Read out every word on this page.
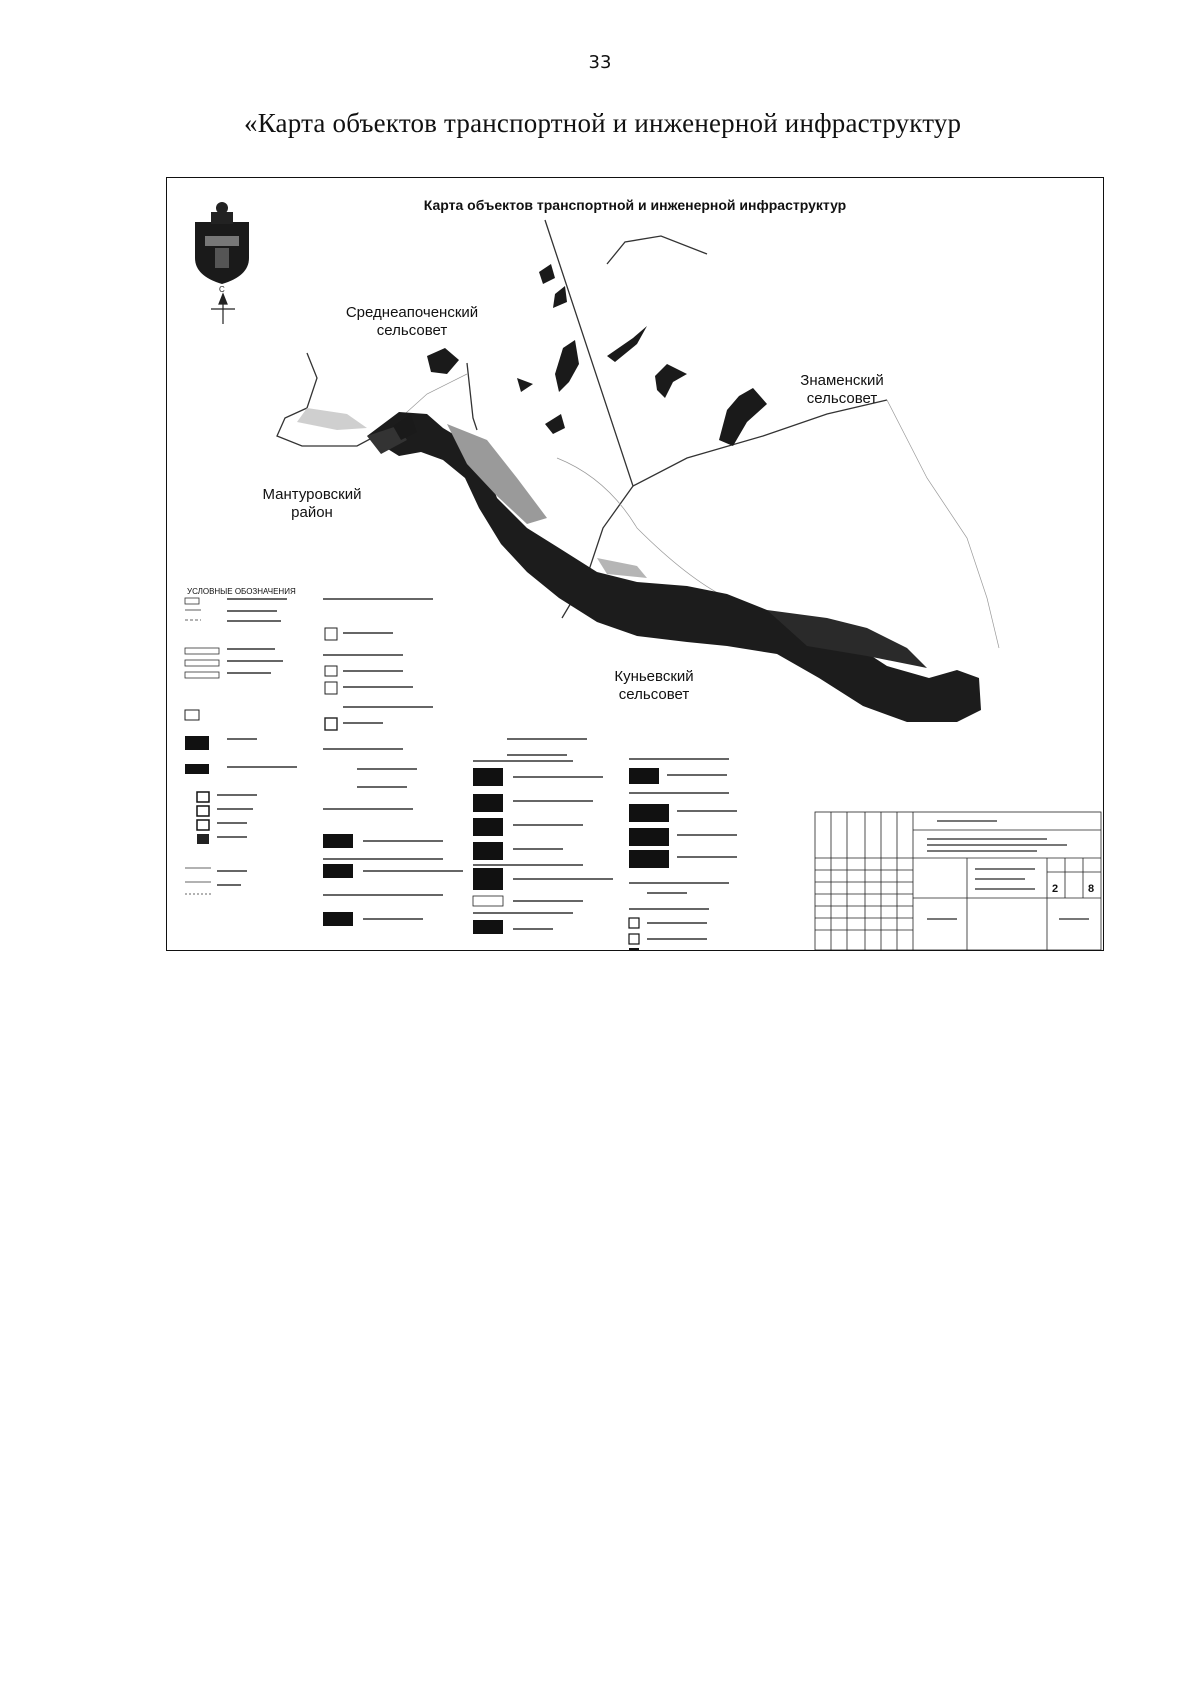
33
«Карта объектов транспортной и инженерной инфраструктур
Карта объектов транспортной и инженерной инфраструктур
С
Среднеапоченский
сельсовет
Знаменский
сельсовет
Мантуровский
район
Куньевский
сельсовет
УСЛОВНЫЕ ОБОЗНАЧЕНИЯ
2	8
